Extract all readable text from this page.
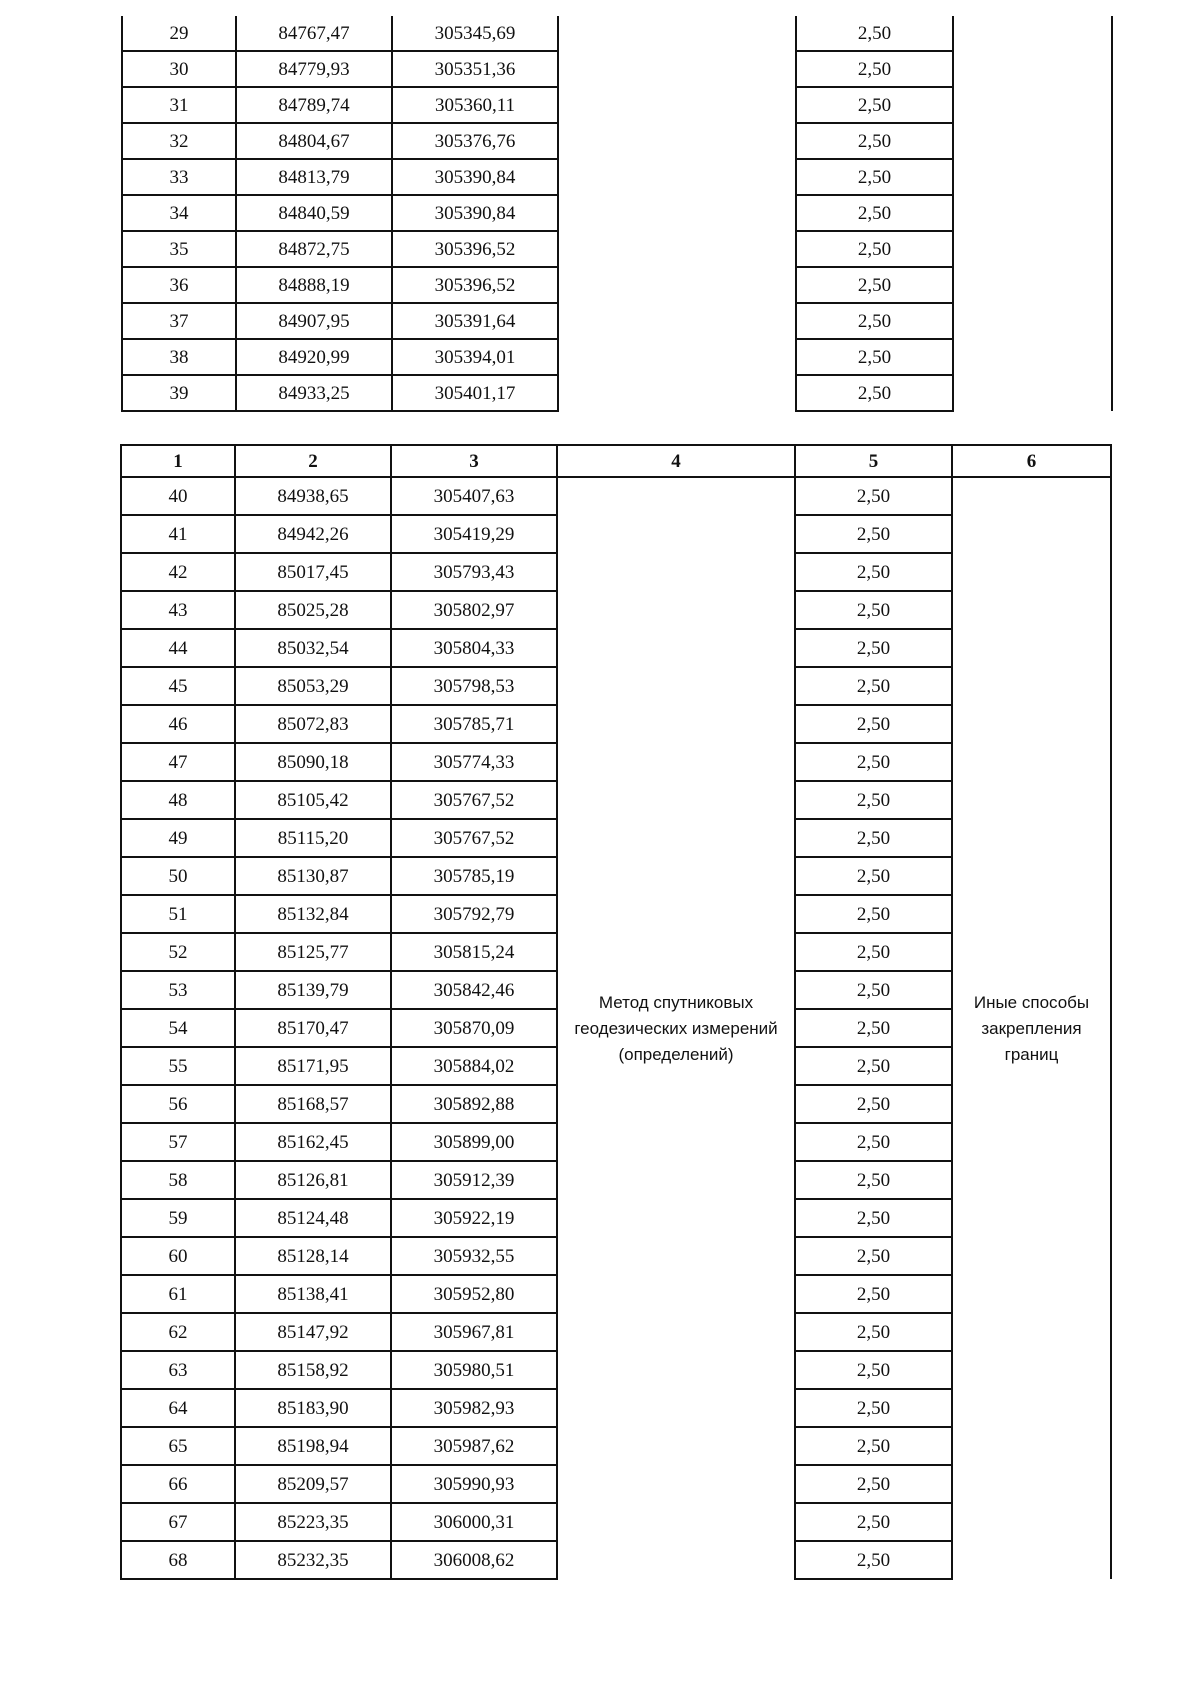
29	84767,47	305345,69		2,50	
30	84779,93	305351,36		2,50	
31	84789,74	305360,11		2,50	
32	84804,67	305376,76		2,50	
33	84813,79	305390,84		2,50	
34	84840,59	305390,84		2,50	
35	84872,75	305396,52		2,50	
36	84888,19	305396,52		2,50	
37	84907,95	305391,64		2,50	
38	84920,99	305394,01		2,50	
39	84933,25	305401,17		2,50	
1	2	3	4	5	6
40	84938,65	305407,63	Метод спутниковых геодезических измерений (определений)	2,50	Иные способы закрепления границ

41	84942,26	305419,29		2,50	
42	85017,45	305793,43		2,50	
43	85025,28	305802,97		2,50	
44	85032,54	305804,33		2,50	
45	85053,29	305798,53		2,50	
46	85072,83	305785,71		2,50	
47	85090,18	305774,33		2,50	
48	85105,42	305767,52		2,50	
49	85115,20	305767,52		2,50	
50	85130,87	305785,19		2,50	
51	85132,84	305792,79		2,50	
52	85125,77	305815,24		2,50	
53	85139,79	305842,46		2,50	
54	85170,47	305870,09		2,50	
55	85171,95	305884,02		2,50	
56	85168,57	305892,88		2,50	
57	85162,45	305899,00		2,50	
58	85126,81	305912,39		2,50	
59	85124,48	305922,19		2,50	
60	85128,14	305932,55		2,50	
61	85138,41	305952,80		2,50	
62	85147,92	305967,81		2,50	
63	85158,92	305980,51		2,50	
64	85183,90	305982,93		2,50	
65	85198,94	305987,62		2,50	
66	85209,57	305990,93		2,50	
67	85223,35	306000,31		2,50	
68	85232,35	306008,62		2,50	
